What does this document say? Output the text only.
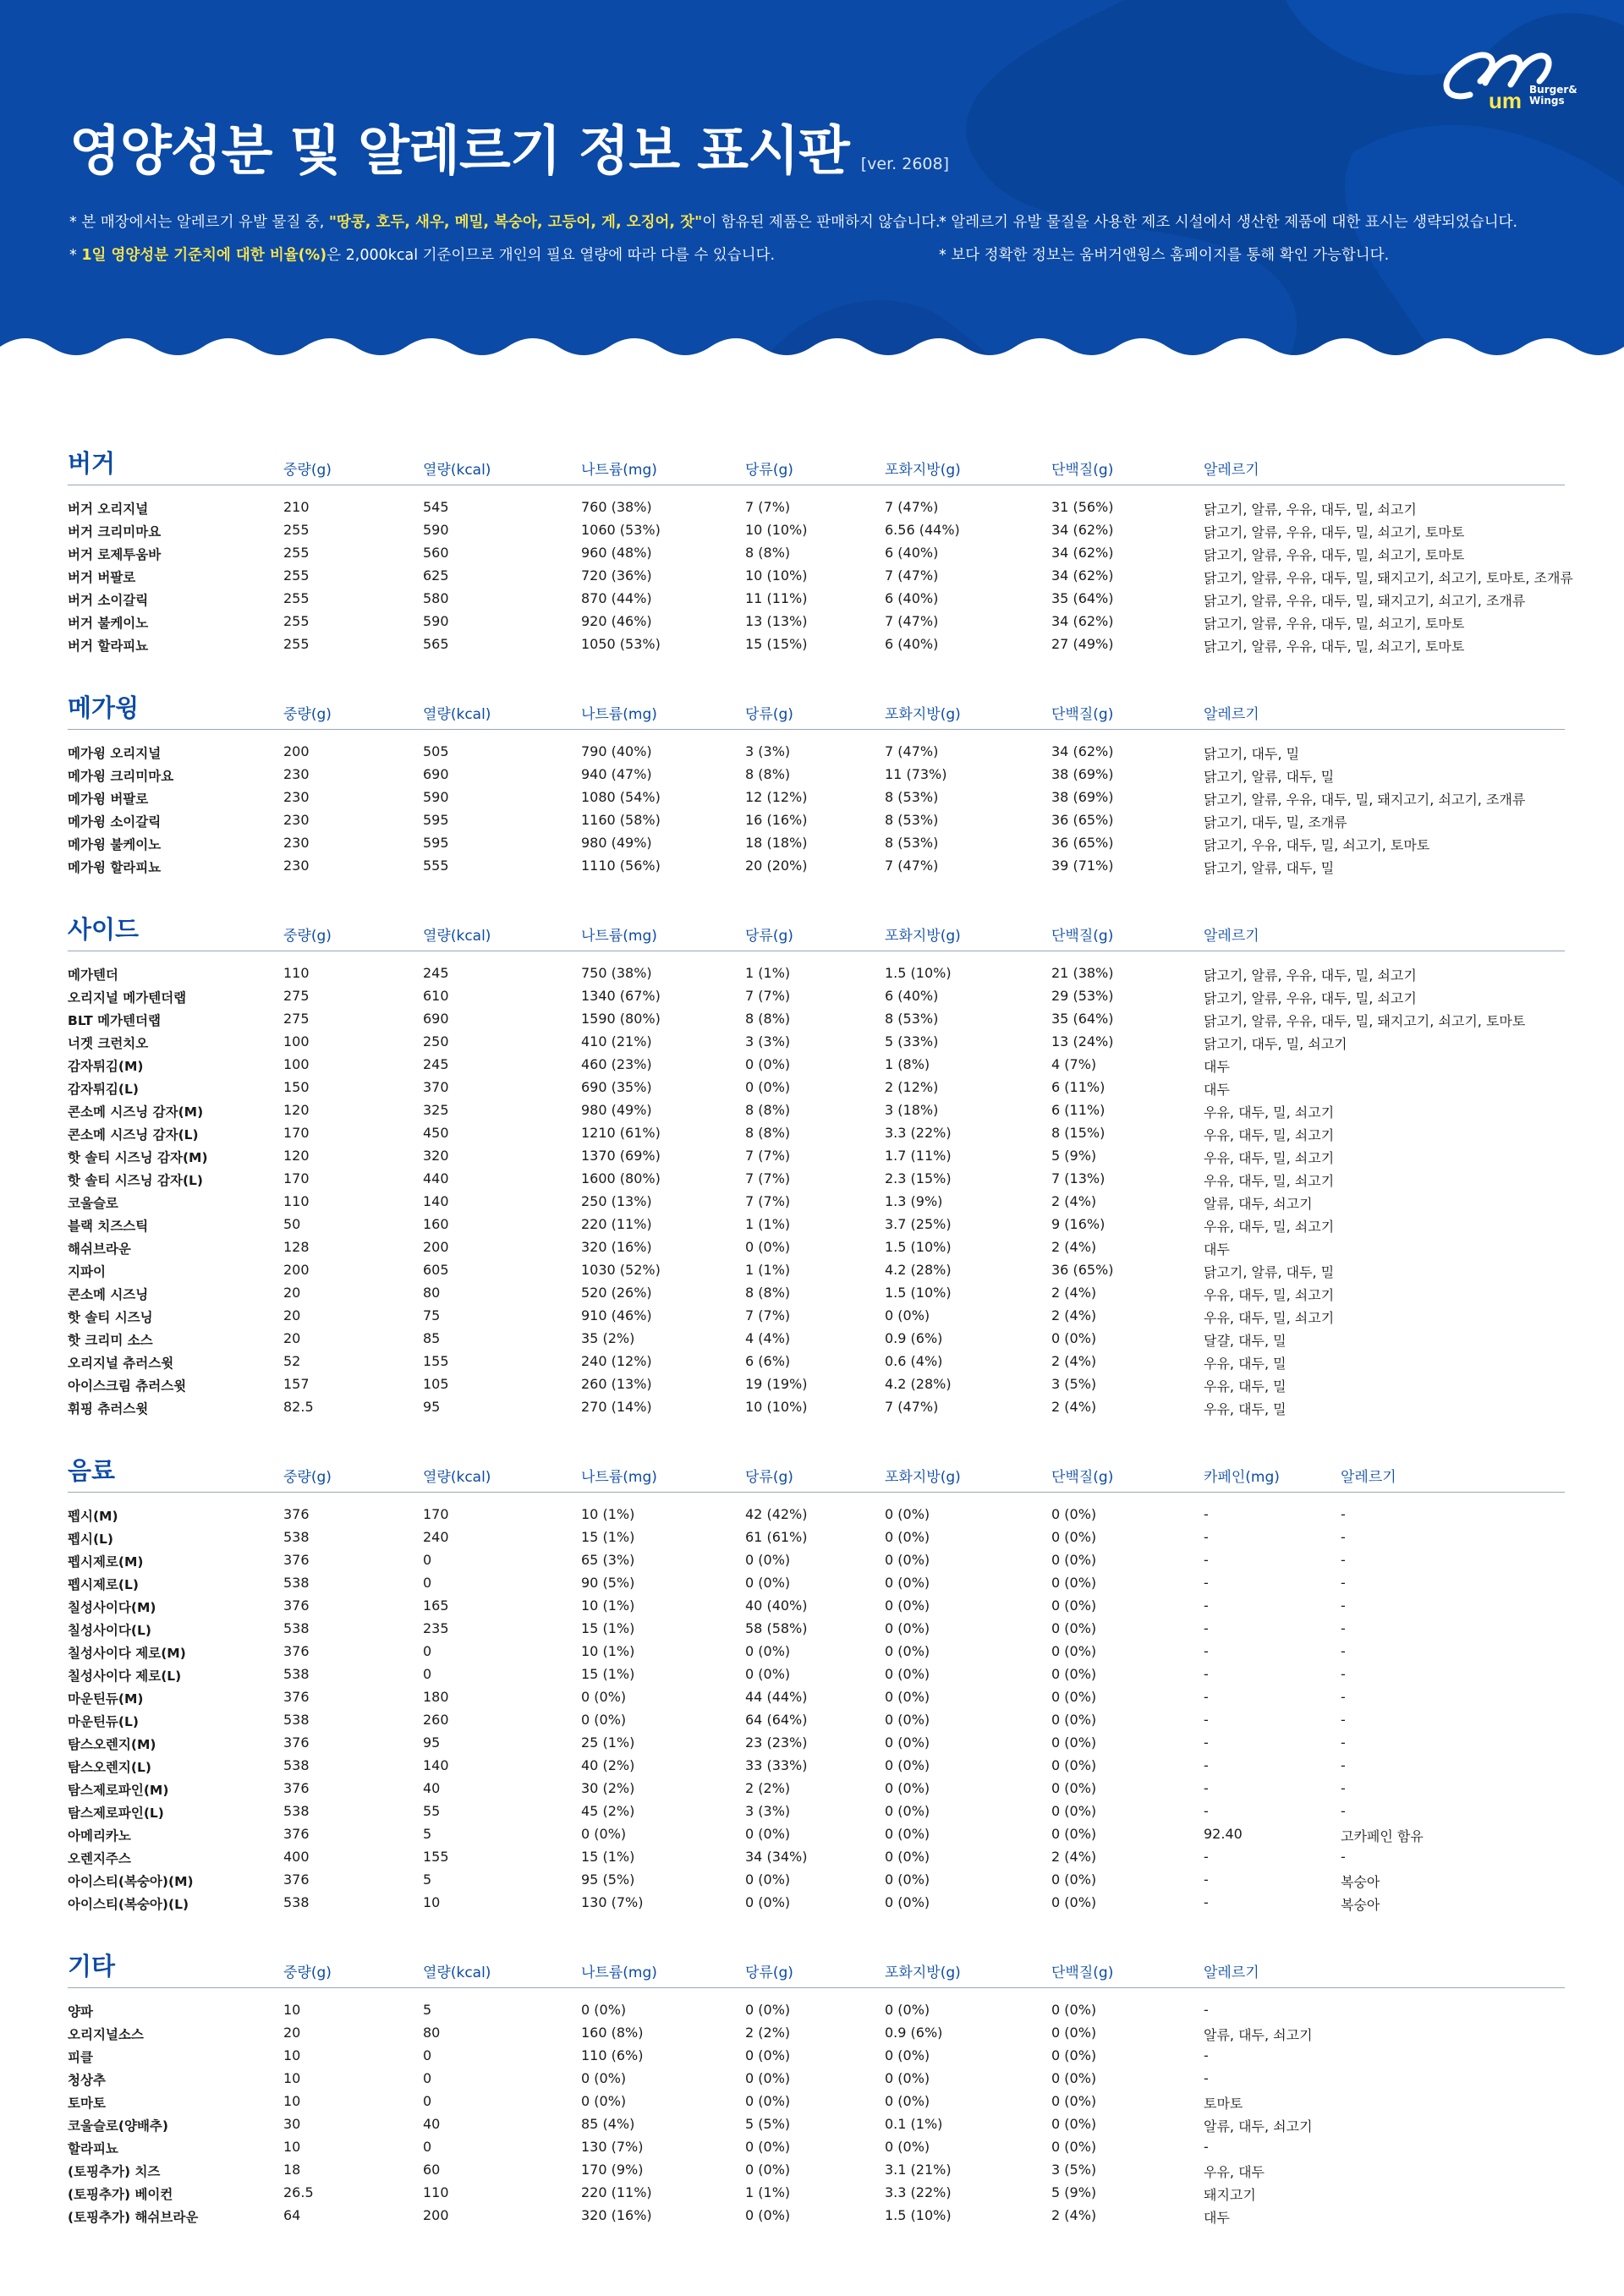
um Burger&
Wings
영양성분 및 알레르기 정보 표시판 [ver. 2608]
* 본 매장에서는 알레르기 유발 물질 중, "땅콩, 호두, 새우, 메밀, 복숭아, 고등어, 게, 오징어, 잣"이 함유된 제품은 판매하지 않습니다.
* 1일 영양성분 기준치에 대한 비율(%)은 2,000kcal 기준이므로 개인의 필요 열량에 따라 다를 수 있습니다.
* 알레르기 유발 물질을 사용한 제조 시설에서 생산한 제품에 대한 표시는 생략되었습니다.
* 보다 정확한 정보는 움버거앤윙스 홈페이지를 통해 확인 가능합니다.
버거	중량(g)	열량(kcal)	나트륨(mg)	당류(g)	포화지방(g)	단백질(g)	알레르기
버거 오리지널	210	545	760 (38%)	7 (7%)	7 (47%)	31 (56%)	닭고기, 알류, 우유, 대두, 밀, 쇠고기
버거 크리미마요	255	590	1060 (53%)	10 (10%)	6.56 (44%)	34 (62%)	닭고기, 알류, 우유, 대두, 밀, 쇠고기, 토마토
버거 로제투움바	255	560	960 (48%)	8 (8%)	6 (40%)	34 (62%)	닭고기, 알류, 우유, 대두, 밀, 쇠고기, 토마토
버거 버팔로	255	625	720 (36%)	10 (10%)	7 (47%)	34 (62%)	닭고기, 알류, 우유, 대두, 밀, 돼지고기, 쇠고기, 토마토, 조개류
버거 소이갈릭	255	580	870 (44%)	11 (11%)	6 (40%)	35 (64%)	닭고기, 알류, 우유, 대두, 밀, 돼지고기, 쇠고기, 조개류
버거 불케이노	255	590	920 (46%)	13 (13%)	7 (47%)	34 (62%)	닭고기, 알류, 우유, 대두, 밀, 쇠고기, 토마토
버거 할라피뇨	255	565	1050 (53%)	15 (15%)	6 (40%)	27 (49%)	닭고기, 알류, 우유, 대두, 밀, 쇠고기, 토마토
메가윙	중량(g)	열량(kcal)	나트륨(mg)	당류(g)	포화지방(g)	단백질(g)	알레르기
메가윙 오리지널	200	505	790 (40%)	3 (3%)	7 (47%)	34 (62%)	닭고기, 대두, 밀
메가윙 크리미마요	230	690	940 (47%)	8 (8%)	11 (73%)	38 (69%)	닭고기, 알류, 대두, 밀
메가윙 버팔로	230	590	1080 (54%)	12 (12%)	8 (53%)	38 (69%)	닭고기, 알류, 우유, 대두, 밀, 돼지고기, 쇠고기, 조개류
메가윙 소이갈릭	230	595	1160 (58%)	16 (16%)	8 (53%)	36 (65%)	닭고기, 대두, 밀, 조개류
메가윙 불케이노	230	595	980 (49%)	18 (18%)	8 (53%)	36 (65%)	닭고기, 우유, 대두, 밀, 쇠고기, 토마토
메가윙 할라피뇨	230	555	1110 (56%)	20 (20%)	7 (47%)	39 (71%)	닭고기, 알류, 대두, 밀
사이드	중량(g)	열량(kcal)	나트륨(mg)	당류(g)	포화지방(g)	단백질(g)	알레르기
메가텐더	110	245	750 (38%)	1 (1%)	1.5 (10%)	21 (38%)	닭고기, 알류, 우유, 대두, 밀, 쇠고기
오리지널 메가텐더랩	275	610	1340 (67%)	7 (7%)	6 (40%)	29 (53%)	닭고기, 알류, 우유, 대두, 밀, 쇠고기
BLT 메가텐더랩	275	690	1590 (80%)	8 (8%)	8 (53%)	35 (64%)	닭고기, 알류, 우유, 대두, 밀, 돼지고기, 쇠고기, 토마토
너겟 크런치오	100	250	410 (21%)	3 (3%)	5 (33%)	13 (24%)	닭고기, 대두, 밀, 쇠고기
감자튀김(M)	100	245	460 (23%)	0 (0%)	1 (8%)	4 (7%)	대두
감자튀김(L)	150	370	690 (35%)	0 (0%)	2 (12%)	6 (11%)	대두
콘소메 시즈닝 감자(M)	120	325	980 (49%)	8 (8%)	3 (18%)	6 (11%)	우유, 대두, 밀, 쇠고기
콘소메 시즈닝 감자(L)	170	450	1210 (61%)	8 (8%)	3.3 (22%)	8 (15%)	우유, 대두, 밀, 쇠고기
핫 솔티 시즈닝 감자(M)	120	320	1370 (69%)	7 (7%)	1.7 (11%)	5 (9%)	우유, 대두, 밀, 쇠고기
핫 솔티 시즈닝 감자(L)	170	440	1600 (80%)	7 (7%)	2.3 (15%)	7 (13%)	우유, 대두, 밀, 쇠고기
코울슬로	110	140	250 (13%)	7 (7%)	1.3 (9%)	2 (4%)	알류, 대두, 쇠고기
블랙 치즈스틱	50	160	220 (11%)	1 (1%)	3.7 (25%)	9 (16%)	우유, 대두, 밀, 쇠고기
해쉬브라운	128	200	320 (16%)	0 (0%)	1.5 (10%)	2 (4%)	대두
지파이	200	605	1030 (52%)	1 (1%)	4.2 (28%)	36 (65%)	닭고기, 알류, 대두, 밀
콘소메 시즈닝	20	80	520 (26%)	8 (8%)	1.5 (10%)	2 (4%)	우유, 대두, 밀, 쇠고기
핫 솔티 시즈닝	20	75	910 (46%)	7 (7%)	0 (0%)	2 (4%)	우유, 대두, 밀, 쇠고기
핫 크리미 소스	20	85	35 (2%)	4 (4%)	0.9 (6%)	0 (0%)	달걀, 대두, 밀
오리지널 츄러스윗	52	155	240 (12%)	6 (6%)	0.6 (4%)	2 (4%)	우유, 대두, 밀
아이스크림 츄러스윗	157	105	260 (13%)	19 (19%)	4.2 (28%)	3 (5%)	우유, 대두, 밀
휘핑 츄러스윗	82.5	95	270 (14%)	10 (10%)	7 (47%)	2 (4%)	우유, 대두, 밀
음료	중량(g)	열량(kcal)	나트륨(mg)	당류(g)	포화지방(g)	단백질(g)	카페인(mg)	알레르기
펩시(M)	376	170	10 (1%)	42 (42%)	0 (0%)	0 (0%)	-	-
펩시(L)	538	240	15 (1%)	61 (61%)	0 (0%)	0 (0%)	-	-
펩시제로(M)	376	0	65 (3%)	0 (0%)	0 (0%)	0 (0%)	-	-
펩시제로(L)	538	0	90 (5%)	0 (0%)	0 (0%)	0 (0%)	-	-
칠성사이다(M)	376	165	10 (1%)	40 (40%)	0 (0%)	0 (0%)	-	-
칠성사이다(L)	538	235	15 (1%)	58 (58%)	0 (0%)	0 (0%)	-	-
칠성사이다 제로(M)	376	0	10 (1%)	0 (0%)	0 (0%)	0 (0%)	-	-
칠성사이다 제로(L)	538	0	15 (1%)	0 (0%)	0 (0%)	0 (0%)	-	-
마운틴듀(M)	376	180	0 (0%)	44 (44%)	0 (0%)	0 (0%)	-	-
마운틴듀(L)	538	260	0 (0%)	64 (64%)	0 (0%)	0 (0%)	-	-
탐스오렌지(M)	376	95	25 (1%)	23 (23%)	0 (0%)	0 (0%)	-	-
탐스오렌지(L)	538	140	40 (2%)	33 (33%)	0 (0%)	0 (0%)	-	-
탐스제로파인(M)	376	40	30 (2%)	2 (2%)	0 (0%)	0 (0%)	-	-
탐스제로파인(L)	538	55	45 (2%)	3 (3%)	0 (0%)	0 (0%)	-	-
아메리카노	376	5	0 (0%)	0 (0%)	0 (0%)	0 (0%)	92.40	고카페인 함유
오렌지주스	400	155	15 (1%)	34 (34%)	0 (0%)	2 (4%)	-	-
아이스티(복숭아)(M)	376	5	95 (5%)	0 (0%)	0 (0%)	0 (0%)	-	복숭아
아이스티(복숭아)(L)	538	10	130 (7%)	0 (0%)	0 (0%)	0 (0%)	-	복숭아
기타	중량(g)	열량(kcal)	나트륨(mg)	당류(g)	포화지방(g)	단백질(g)	알레르기
양파	10	5	0 (0%)	0 (0%)	0 (0%)	0 (0%)	-
오리지널소스	20	80	160 (8%)	2 (2%)	0.9 (6%)	0 (0%)	알류, 대두, 쇠고기
피클	10	0	110 (6%)	0 (0%)	0 (0%)	0 (0%)	-
청상추	10	0	0 (0%)	0 (0%)	0 (0%)	0 (0%)	-
토마토	10	0	0 (0%)	0 (0%)	0 (0%)	0 (0%)	토마토
코울슬로(양배추)	30	40	85 (4%)	5 (5%)	0.1 (1%)	0 (0%)	알류, 대두, 쇠고기
할라피뇨	10	0	130 (7%)	0 (0%)	0 (0%)	0 (0%)	-
(토핑추가) 치즈	18	60	170 (9%)	0 (0%)	3.1 (21%)	3 (5%)	우유, 대두
(토핑추가) 베이컨	26.5	110	220 (11%)	1 (1%)	3.3 (22%)	5 (9%)	돼지고기
(토핑추가) 해쉬브라운	64	200	320 (16%)	0 (0%)	1.5 (10%)	2 (4%)	대두
